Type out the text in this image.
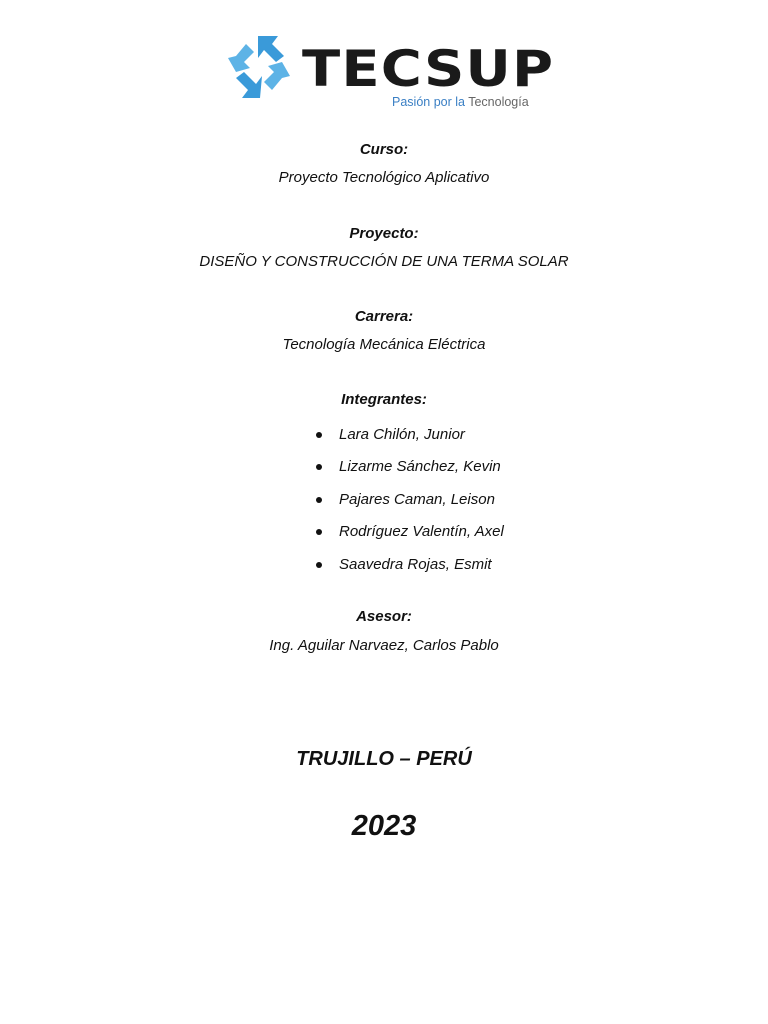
TECSUP
Pasión por la Tecnología
Curso:
Proyecto Tecnológico Aplicativo
Proyecto:
DISEÑO Y CONSTRUCCIÓN DE UNA TERMA SOLAR
Carrera:
Tecnología Mecánica Eléctrica
Integrantes:
Lara Chilón, Junior
Lizarme Sánchez, Kevin
Pajares Caman, Leison
Rodríguez Valentín, Axel
Saavedra Rojas, Esmit
Asesor:
Ing. Aguilar Narvaez, Carlos Pablo
TRUJILLO – PERÚ
2023
